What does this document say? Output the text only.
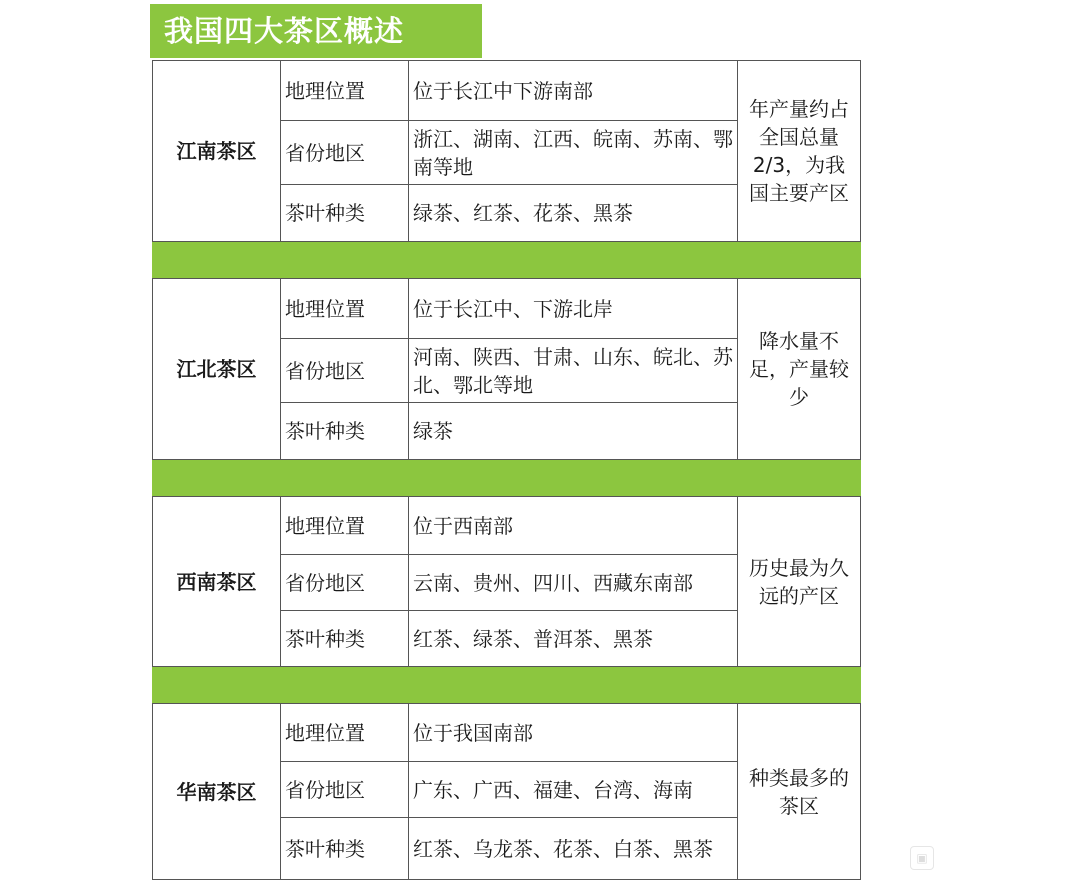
我国四大茶区概述
江南茶区	地理位置	位于长江中下游南部	年产量约占全国总量2/3，为我国主要产区
	省份地区	浙江、湖南、江西、皖南、苏南、鄂南等地	
	茶叶种类	绿茶、红茶、花茶、黑茶	

江北茶区	地理位置	位于长江中、下游北岸	降水量不足，产量较少
	省份地区	河南、陕西、甘肃、山东、皖北、苏北、鄂北等地	
	茶叶种类	绿茶	

西南茶区	地理位置	位于西南部	历史最为久远的产区
	省份地区	云南、贵州、四川、西藏东南部	
	茶叶种类	红茶、绿茶、普洱茶、黑茶	

华南茶区	地理位置	位于我国南部	种类最多的茶区
	省份地区	广东、广西、福建、台湾、海南	
	茶叶种类	红茶、乌龙茶、花茶、白茶、黑茶		▣
